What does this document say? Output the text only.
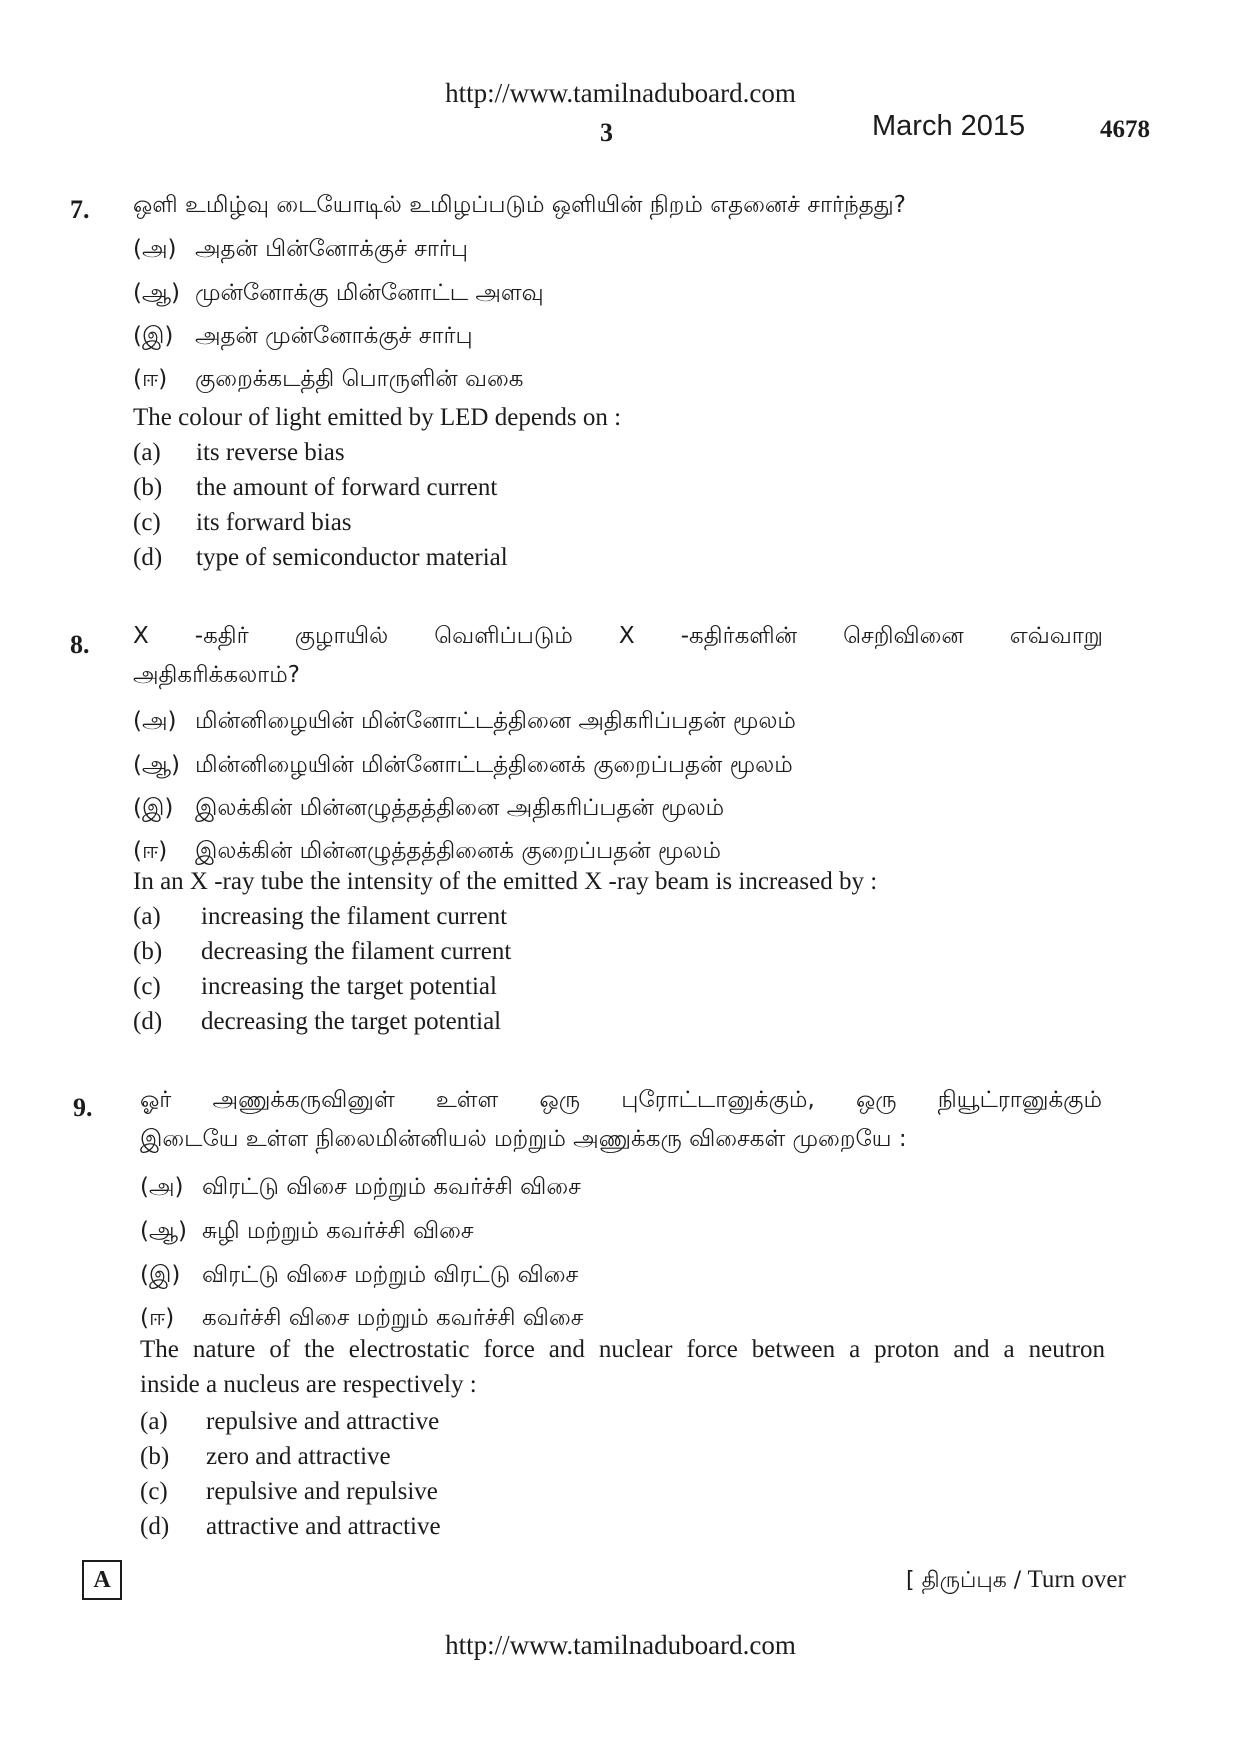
http://www.tamilnaduboard.com
3	March 2015	4678
7. ஒளி உமிழ்வு டையோடில் உமிழப்படும் ஒளியின் நிறம் எதனைச் சார்ந்தது?
(அ) அதன் பின்னோக்குச் சார்பு
(ஆ) முன்னோக்கு மின்னோட்ட அளவு
(இ) அதன் முன்னோக்குச் சார்பு
(ஈ)	குறைக்கடத்தி பொருளின் வகை
The colour of light emitted by LED depends on :
(a)	its reverse bias
(b)	the amount of forward current
(c)	its forward bias
(d)	type of semiconductor material
8. X -கதிர் குழாயில் வெளிப்படும் X -கதிர்களின் செறிவினை எவ்வாறு
அதிகரிக்கலாம்?
(அ) மின்னிழையின் மின்னோட்டத்தினை அதிகரிப்பதன் மூலம்
(ஆ) மின்னிழையின் மின்னோட்டத்தினைக் குறைப்பதன் மூலம்
(இ) இலக்கின் மின்னழுத்தத்தினை அதிகரிப்பதன் மூலம்
(ஈ)	இலக்கின் மின்னழுத்தத்தினைக் குறைப்பதன் மூலம்
In an X -ray tube the intensity of the emitted X -ray beam is increased by :
(a)	increasing the filament current
(b)	decreasing the filament current
(c)	increasing the target potential
(d)	decreasing the target potential
9. ஓர் அணுக்கருவினுள் உள்ள ஒரு புரோட்டானுக்கும், ஒரு நியூட்ரானுக்கும்
இடையே உள்ள நிலைமின்னியல் மற்றும் அணுக்கரு விசைகள் முறையே :
(அ) விரட்டு விசை மற்றும் கவர்ச்சி விசை
(ஆ) சுழி மற்றும் கவர்ச்சி விசை
(இ) விரட்டு விசை மற்றும் விரட்டு விசை
(ஈ)	கவர்ச்சி விசை மற்றும் கவர்ச்சி விசை
The nature of the electrostatic force and nuclear force between a proton and a neutron
inside a nucleus are respectively :
(a)	repulsive and attractive
(b)	zero and attractive
(c)	repulsive and repulsive
(d)	attractive and attractive
A	[ திருப்புக / Turn over
http://www.tamilnaduboard.com
